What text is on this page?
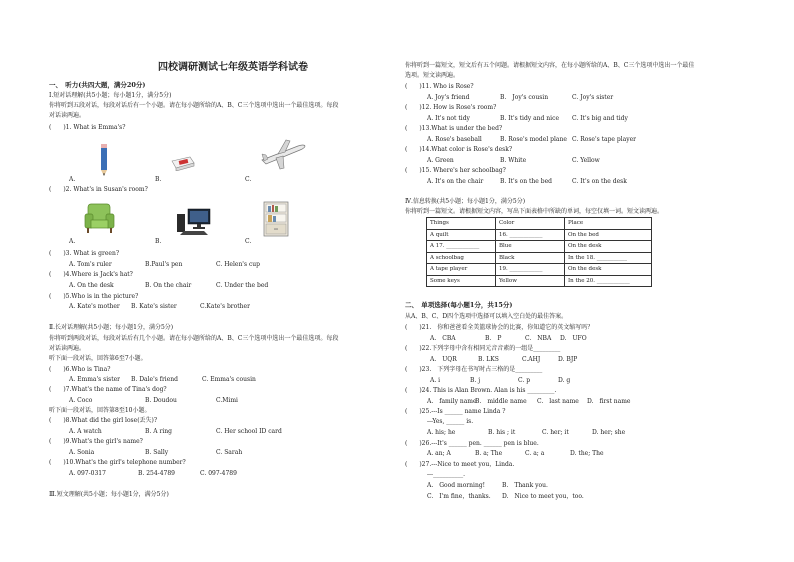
四校调研测试七年级英语学科试卷
一、　听力(共四大题，满分20分)
Ⅰ.短对话理解(共5小题；每小题1分，满分5分)
你将听到五段对话，每段对话后有一个小题。请在每小题所给的A、B、C三个选项中选出一个最佳选项。每段
对话读两遍。
(　　)1. What is Emma's?
A.	B.	C.
(　　)2. What's in Susan's room?
A.	B.	C.
(　　)3. What is green?
A. Tom's ruler	B.Paul's pen	C. Helen's cup
(　　)4.Where is Jack's hat?
A. On the desk	B. On the chair	C. Under the bed
(　　)5.Who is in the picture?
A. Kate's mother B. Kate's sister	C.Kate's brother
Ⅱ.长对话理解(共5小题；每小题1分，满分5分)
你将听到两段对话，每段对话后有几个小题。请在每小题所给的A、B、C三个选项中选出一个最佳选项。每段
对话读两遍。
听下面一段对话，回答第6至7小题。
(　　)6.Who is Tina?
A. Emma's sister B. Dale's friend	C. Emma's cousin
(　　)7.What's the name of Tina's dog?
A. Coco	B. Doudou	C.Mimi
听下面一段对话，回答第8至10小题。
(　　)8.What did the girl lose(丢失)?
A. A watch	B. A ring	C. Her school ID card
(　　)9.What's the girl's name?
A. Sonia	B. Sally	C. Sarah
(　　)10.What's the girl's telephone number?
A. 097-0317	B. 254-4789	C. 097-4789
Ⅲ.短文理解(共5小题；每小题1分，满分5分)
你将听到一篇短文，短文后有五个问题。请根据短文内容，在每小题所给的A、B、C三个选项中选出一个最佳
选项。短文读两遍。
(　　)11. Who is Rose?
A. Joy's friend	B.　Joy's cousin	C. Joy's sister
(　　)12. How is Rose's room?
A. It's not tidy	B. It's tidy and nice C. It's big and tidy
(　　)13.What is under the bed?
A. Rose's baseball	B. Rose's model plane C. Rose's tape player
(　　)14.What color is Rose's desk?
A. Green	B. White	C. Yellow
(　　)15. Where's her schoolbag?
A. It's on the chair	B. It's on the bed	C. It's on the desk
Ⅳ.信息转换(共5小题；每小题1分，满分5分)
你将听到一篇短文。请根据短文内容，写出下面表格中所缺的单词，每空仅填一词。短文读两遍。
Things	Color	Place
A quilt	16. ____________	On the bed
A 17. ____________	Blue	On the desk
A schoolbag	Black	In the 18. ___________
A tape player	19. ____________	On the desk
Some keys	Yellow	In the 20. ____________
二、　单项选择(每小题1分，共15分)
从A、B、C、D四个选项中选择可以填入空白处的最佳答案。
(　　)21.　你和爸爸看全美篮球协会的比赛，你知道它的英文缩写吗？
A.　CBA	B.　P	C.　NBA D.　UFO
(　　)22.下列字母中含有相同元音音素的一组是_________
A.　UQR	B. LKS	C.AHJ	D. BJP
(　　)23.　下列字母在书写时占三格的是_________
A. i	B. j	C. p	D. g
(　　)24. This is Alan Brown. Alan is his _________.
A.　family name
B.　middle name C.　last name D.　first name
(　　)25.---Is ______ name Linda ?
---Yes, ______ is.
A. his; he	B. his ; it	C. her; it	D. her; she
(　　)26.---It's ______ pen. ______ pen is blue.
A. an; A	B. a; The	C. a; a	D. the; The
(　　)27.---Nice to meet you，Linda.
---__________.
A.　Good morning!	B.　Thank you.
C.　I'm fine，thanks. D.　Nice to meet you，too.
